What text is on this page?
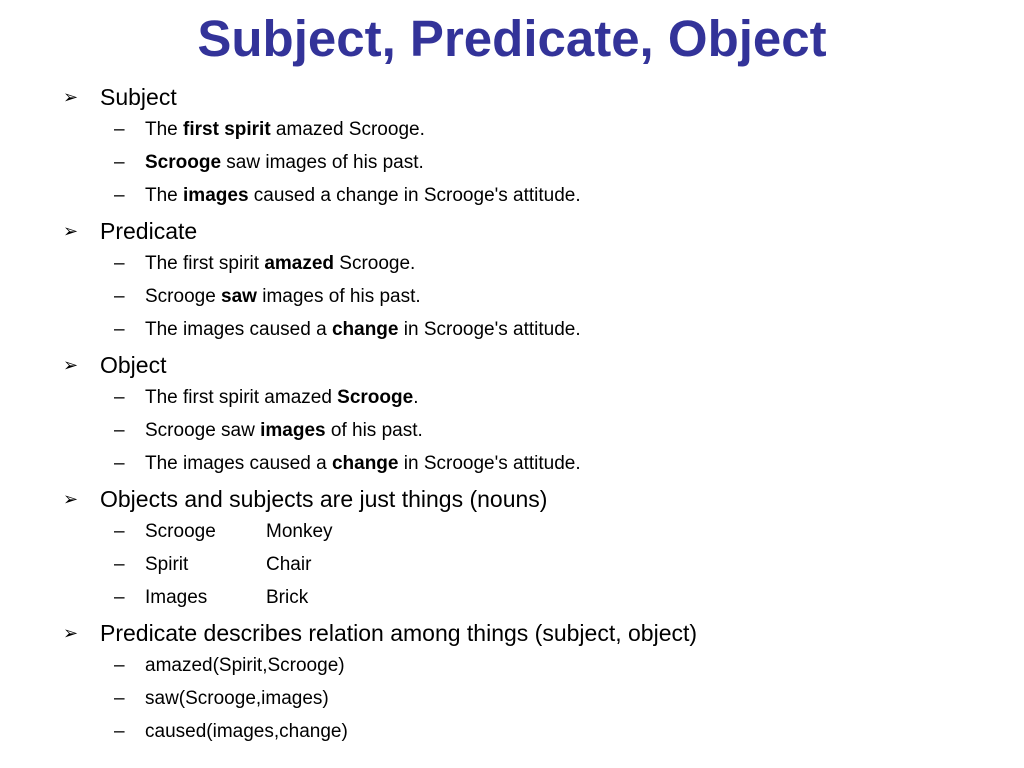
Subject, Predicate, Object
➢ Subject
– The first spirit amazed Scrooge.
– Scrooge saw images of his past.
– The images caused a change in Scrooge's attitude.
➢ Predicate
– The first spirit amazed Scrooge.
– Scrooge saw images of his past.
– The images caused a change in Scrooge's attitude.
➢ Object
– The first spirit amazed Scrooge.
– Scrooge saw images of his past.
– The images caused a change in Scrooge's attitude.
➢ Objects and subjects are just things (nouns)
– Scrooge	Monkey
– Spirit	Chair
– Images	Brick
➢ Predicate describes relation among things (subject, object)
– amazed(Spirit,Scrooge)
– saw(Scrooge,images)
– caused(images,change)
